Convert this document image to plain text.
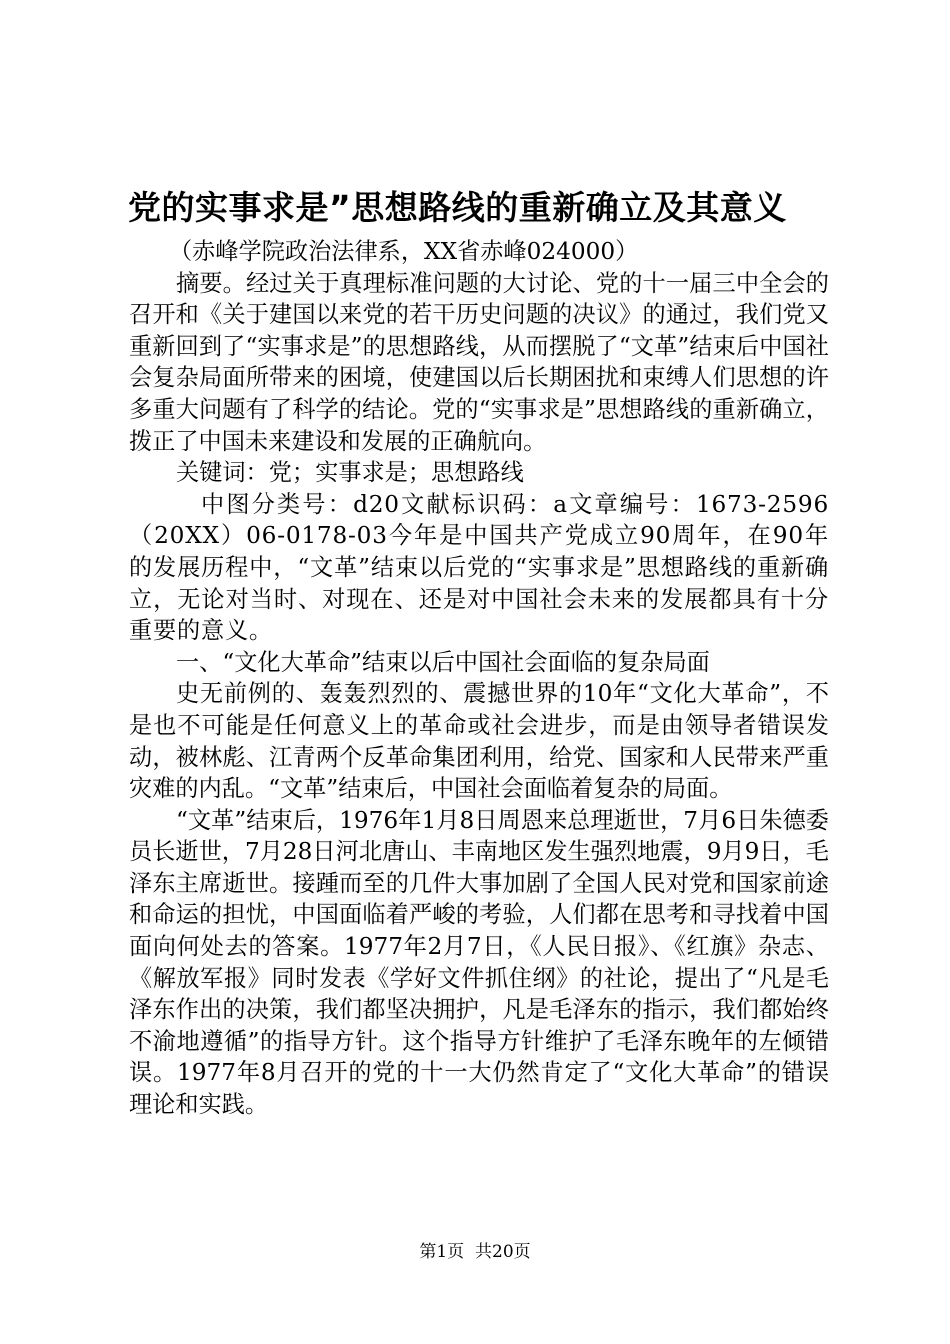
党的实事求是”思想路线的重新确立及其意义

（赤峰学院政治法律系，XX省赤峰024000）

摘要。经过关于真理标准问题的大讨论、党的十一届三中全会的召开和《关于建国以来党的若干历史问题的决议》的通过，我们党又重新回到了“实事求是”的思想路线，从而摆脱了“文革”结束后中国社会复杂局面所带来的困境，使建国以后长期困扰和束缚人们思想的许多重大问题有了科学的结论。党的“实事求是”思想路线的重新确立，拨正了中国未来建设和发展的正确航向。

关键词：党；实事求是；思想路线

中图分类号：d20文献标识码：a文章编号：1673-2596（20XX）06-0178-03今年是中国共产党成立90周年，在90年的发展历程中，“文革”结束以后党的“实事求是”思想路线的重新确立，无论对当时、对现在、还是对中国社会未来的发展都具有十分重要的意义。

一、“文化大革命”结束以后中国社会面临的复杂局面

史无前例的、轰轰烈烈的、震撼世界的10年“文化大革命”，不是也不可能是任何意义上的革命或社会进步，而是由领导者错误发动，被林彪、江青两个反革命集团利用，给党、国家和人民带来严重灾难的内乱。“文革”结束后，中国社会面临着复杂的局面。

“文革”结束后，1976年1月8日周恩来总理逝世，7月6日朱德委员长逝世，7月28日河北唐山、丰南地区发生强烈地震，9月9日，毛泽东主席逝世。接踵而至的几件大事加剧了全国人民对党和国家前途和命运的担忧，中国面临着严峻的考验，人们都在思考和寻找着中国面向何处去的答案。1977年2月7日，《人民日报》、《红旗》杂志、《解放军报》同时发表《学好文件抓住纲》的社论，提出了“凡是毛泽东作出的决策，我们都坚决拥护，凡是毛泽东的指示，我们都始终不渝地遵循”的指导方针。这个指导方针维护了毛泽东晚年的左倾错误。1977年8月召开的党的十一大仍然肯定了“文化大革命”的错误理论和实践。

第1页 共20页
